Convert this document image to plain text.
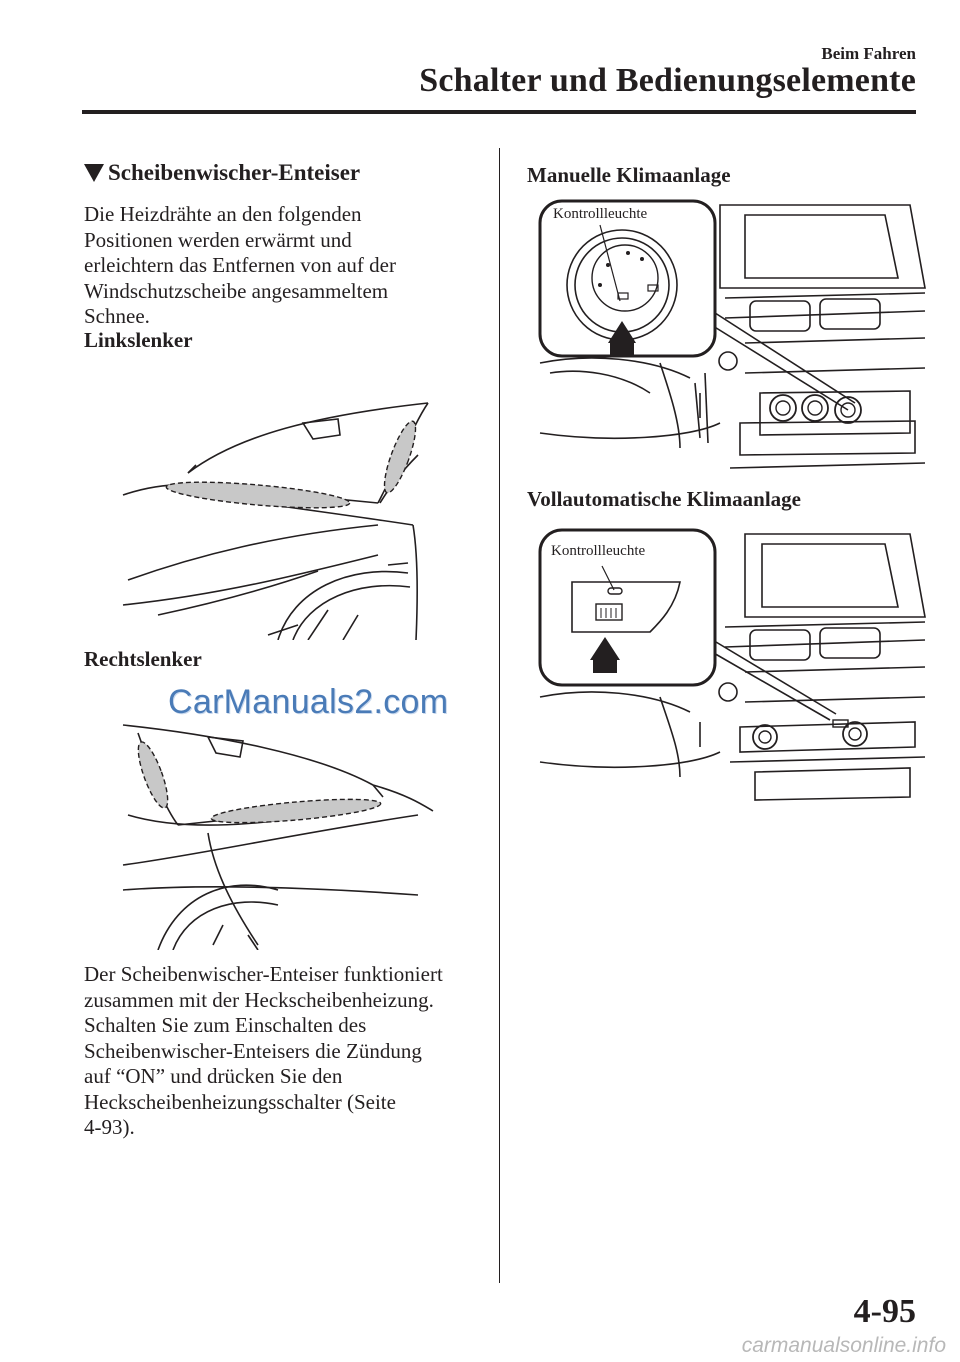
Beim Fahren
Schalter und Bedienungselemente
Scheibenwischer-Enteiser
Die Heizdrähte an den folgenden
Positionen werden erwärmt und
erleichtern das Entfernen von auf der
Windschutzscheibe angesammeltem
Schnee.
Linkslenker
Rechtslenker
CarManuals2.com
Der Scheibenwischer-Enteiser funktioniert
zusammen mit der Heckscheibenheizung.
Schalten Sie zum Einschalten des
Scheibenwischer-Enteisers die Zündung
auf “ON” und drücken Sie den
Heckscheibenheizungsschalter (Seite
4-93).
Manuelle Klimaanlage
Kontrollleuchte
Vollautomatische Klimaanlage
Kontrollleuchte
4-95
carmanualsonline.info
